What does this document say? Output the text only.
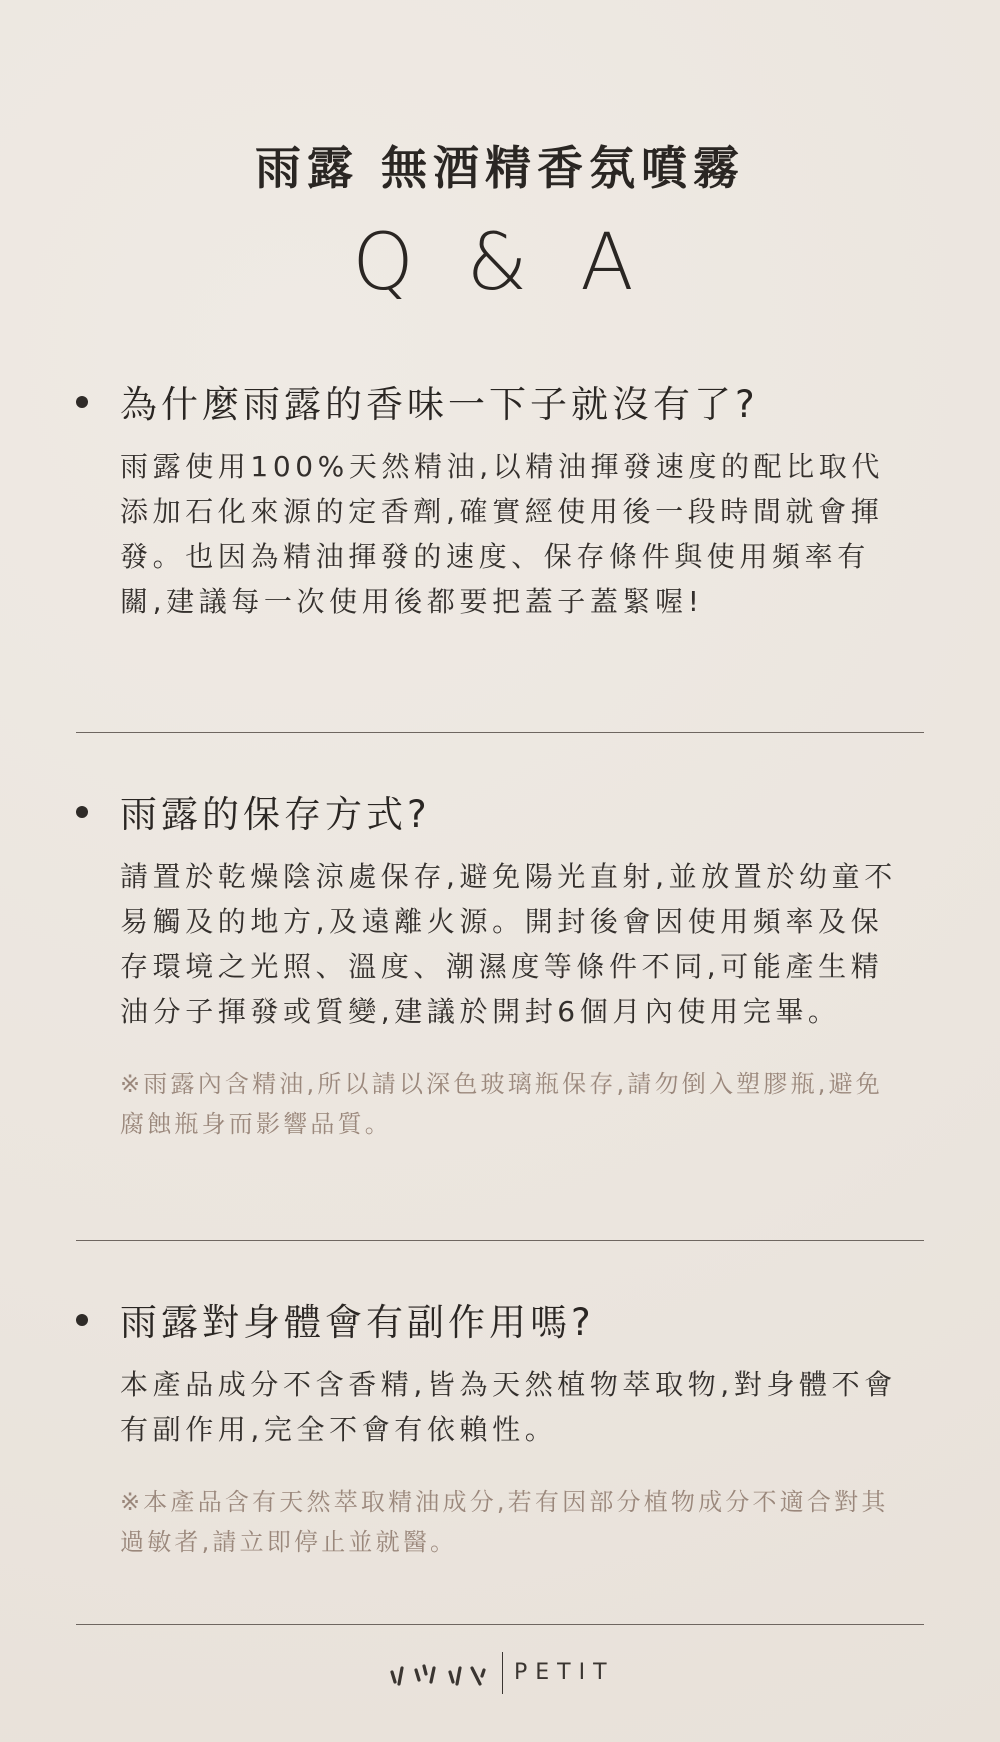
雨露 無酒精香氛噴霧
Q & A
為什麼雨露的香味一下子就沒有了?

雨露使用100%天然精油,以精油揮發速度的配比取代添加石化來源的定香劑,確實經使用後一段時間就會揮發。也因為精油揮發的速度、保存條件與使用頻率有關,建議每一次使用後都要把蓋子蓋緊喔!

雨露的保存方式?

請置於乾燥陰涼處保存,避免陽光直射,並放置於幼童不易觸及的地方,及遠離火源。開封後會因使用頻率及保存環境之光照、溫度、潮濕度等條件不同,可能產生精油分子揮發或質變,建議於開封6個月內使用完畢。

※雨露內含精油,所以請以深色玻璃瓶保存,請勿倒入塑膠瓶,避免腐蝕瓶身而影響品質。

雨露對身體會有副作用嗎?

本產品成分不含香精,皆為天然植物萃取物,對身體不會有副作用,完全不會有依賴性。

※本產品含有天然萃取精油成分,若有因部分植物成分不適合對其過敏者,請立即停止並就醫。

PETIT
